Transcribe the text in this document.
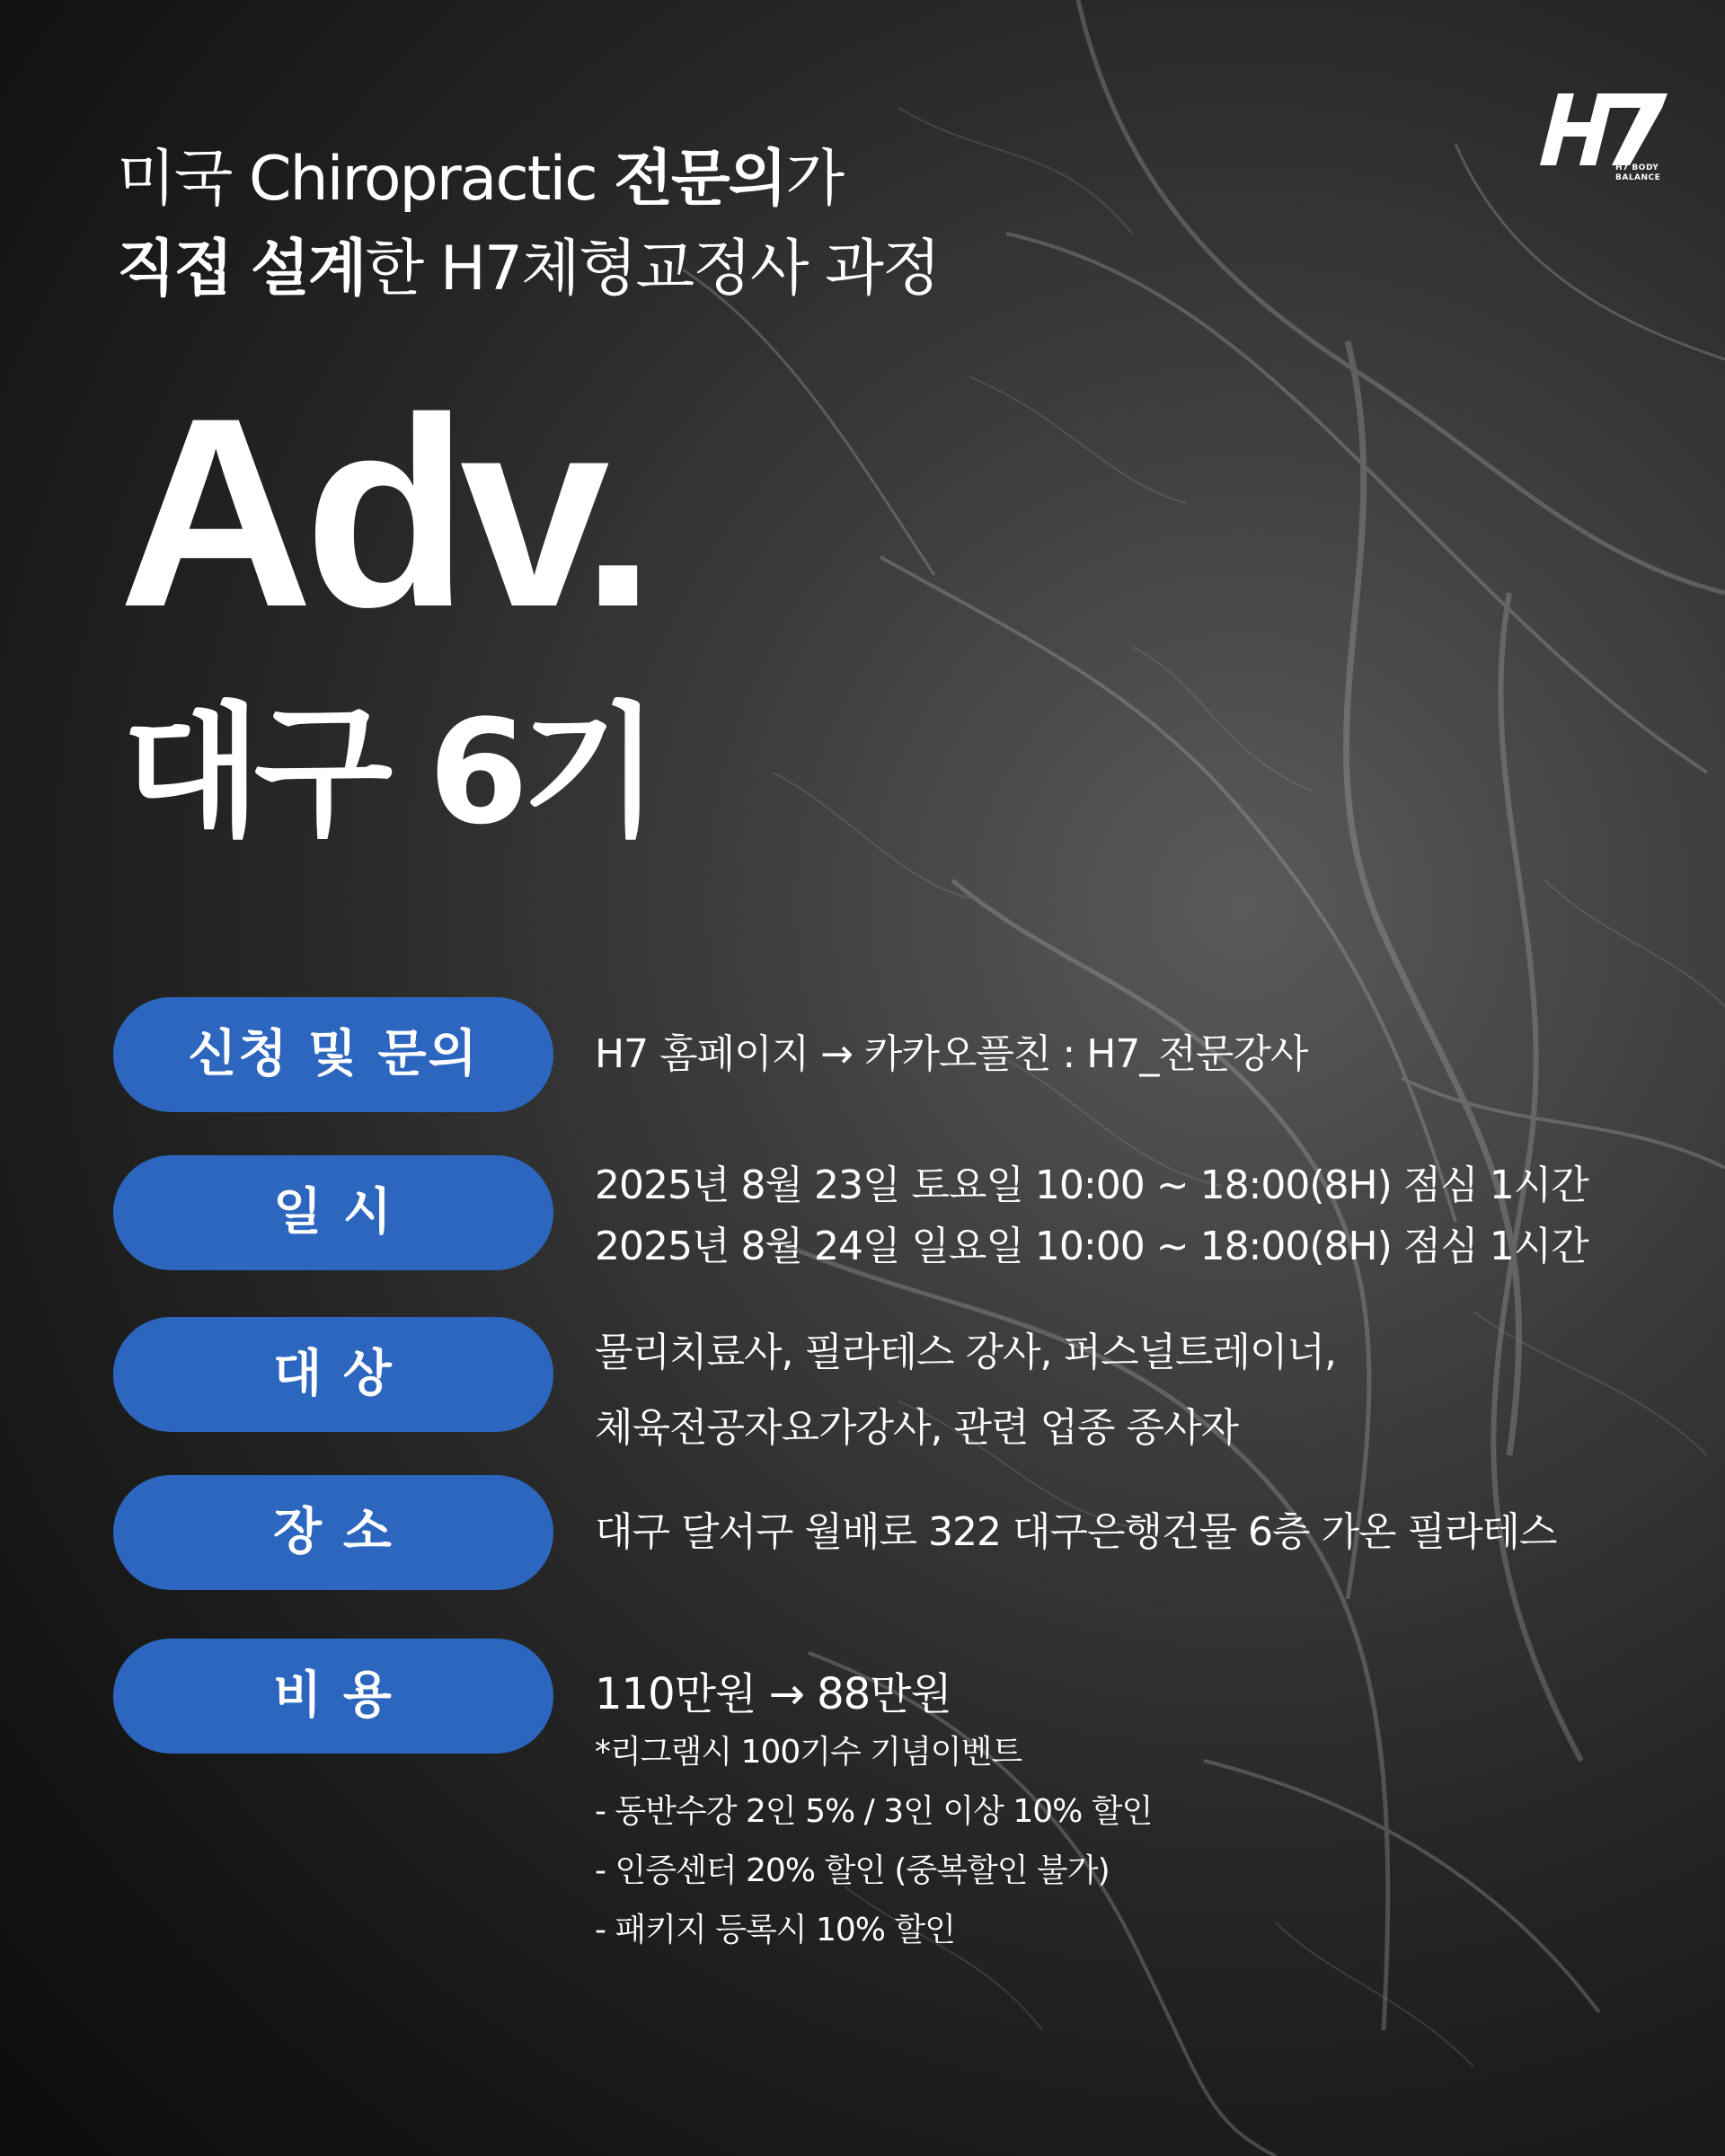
H7 BODY BALANCE
미국 Chiropractic 전문의가
직접 설계한 H7체형교정사 과정
Adv.
대구 6기
신청 및 문의	H7 홈페이지 → 카카오플친 : H7_전문강사
일 시	2025년 8월 23일 토요일 10:00 ~ 18:00(8H) 점심 1시간
2025년 8월 24일 일요일 10:00 ~ 18:00(8H) 점심 1시간
대 상	물리치료사, 필라테스 강사, 퍼스널트레이너,
체육전공자요가강사, 관련 업종 종사자
장 소	대구 달서구 월배로 322 대구은행건물 6층 가온 필라테스
비 용	110만원 → 88만원
*리그램시 100기수 기념이벤트
- 동반수강 2인 5% / 3인 이상 10% 할인
- 인증센터 20% 할인 (중복할인 불가)
- 패키지 등록시 10% 할인
